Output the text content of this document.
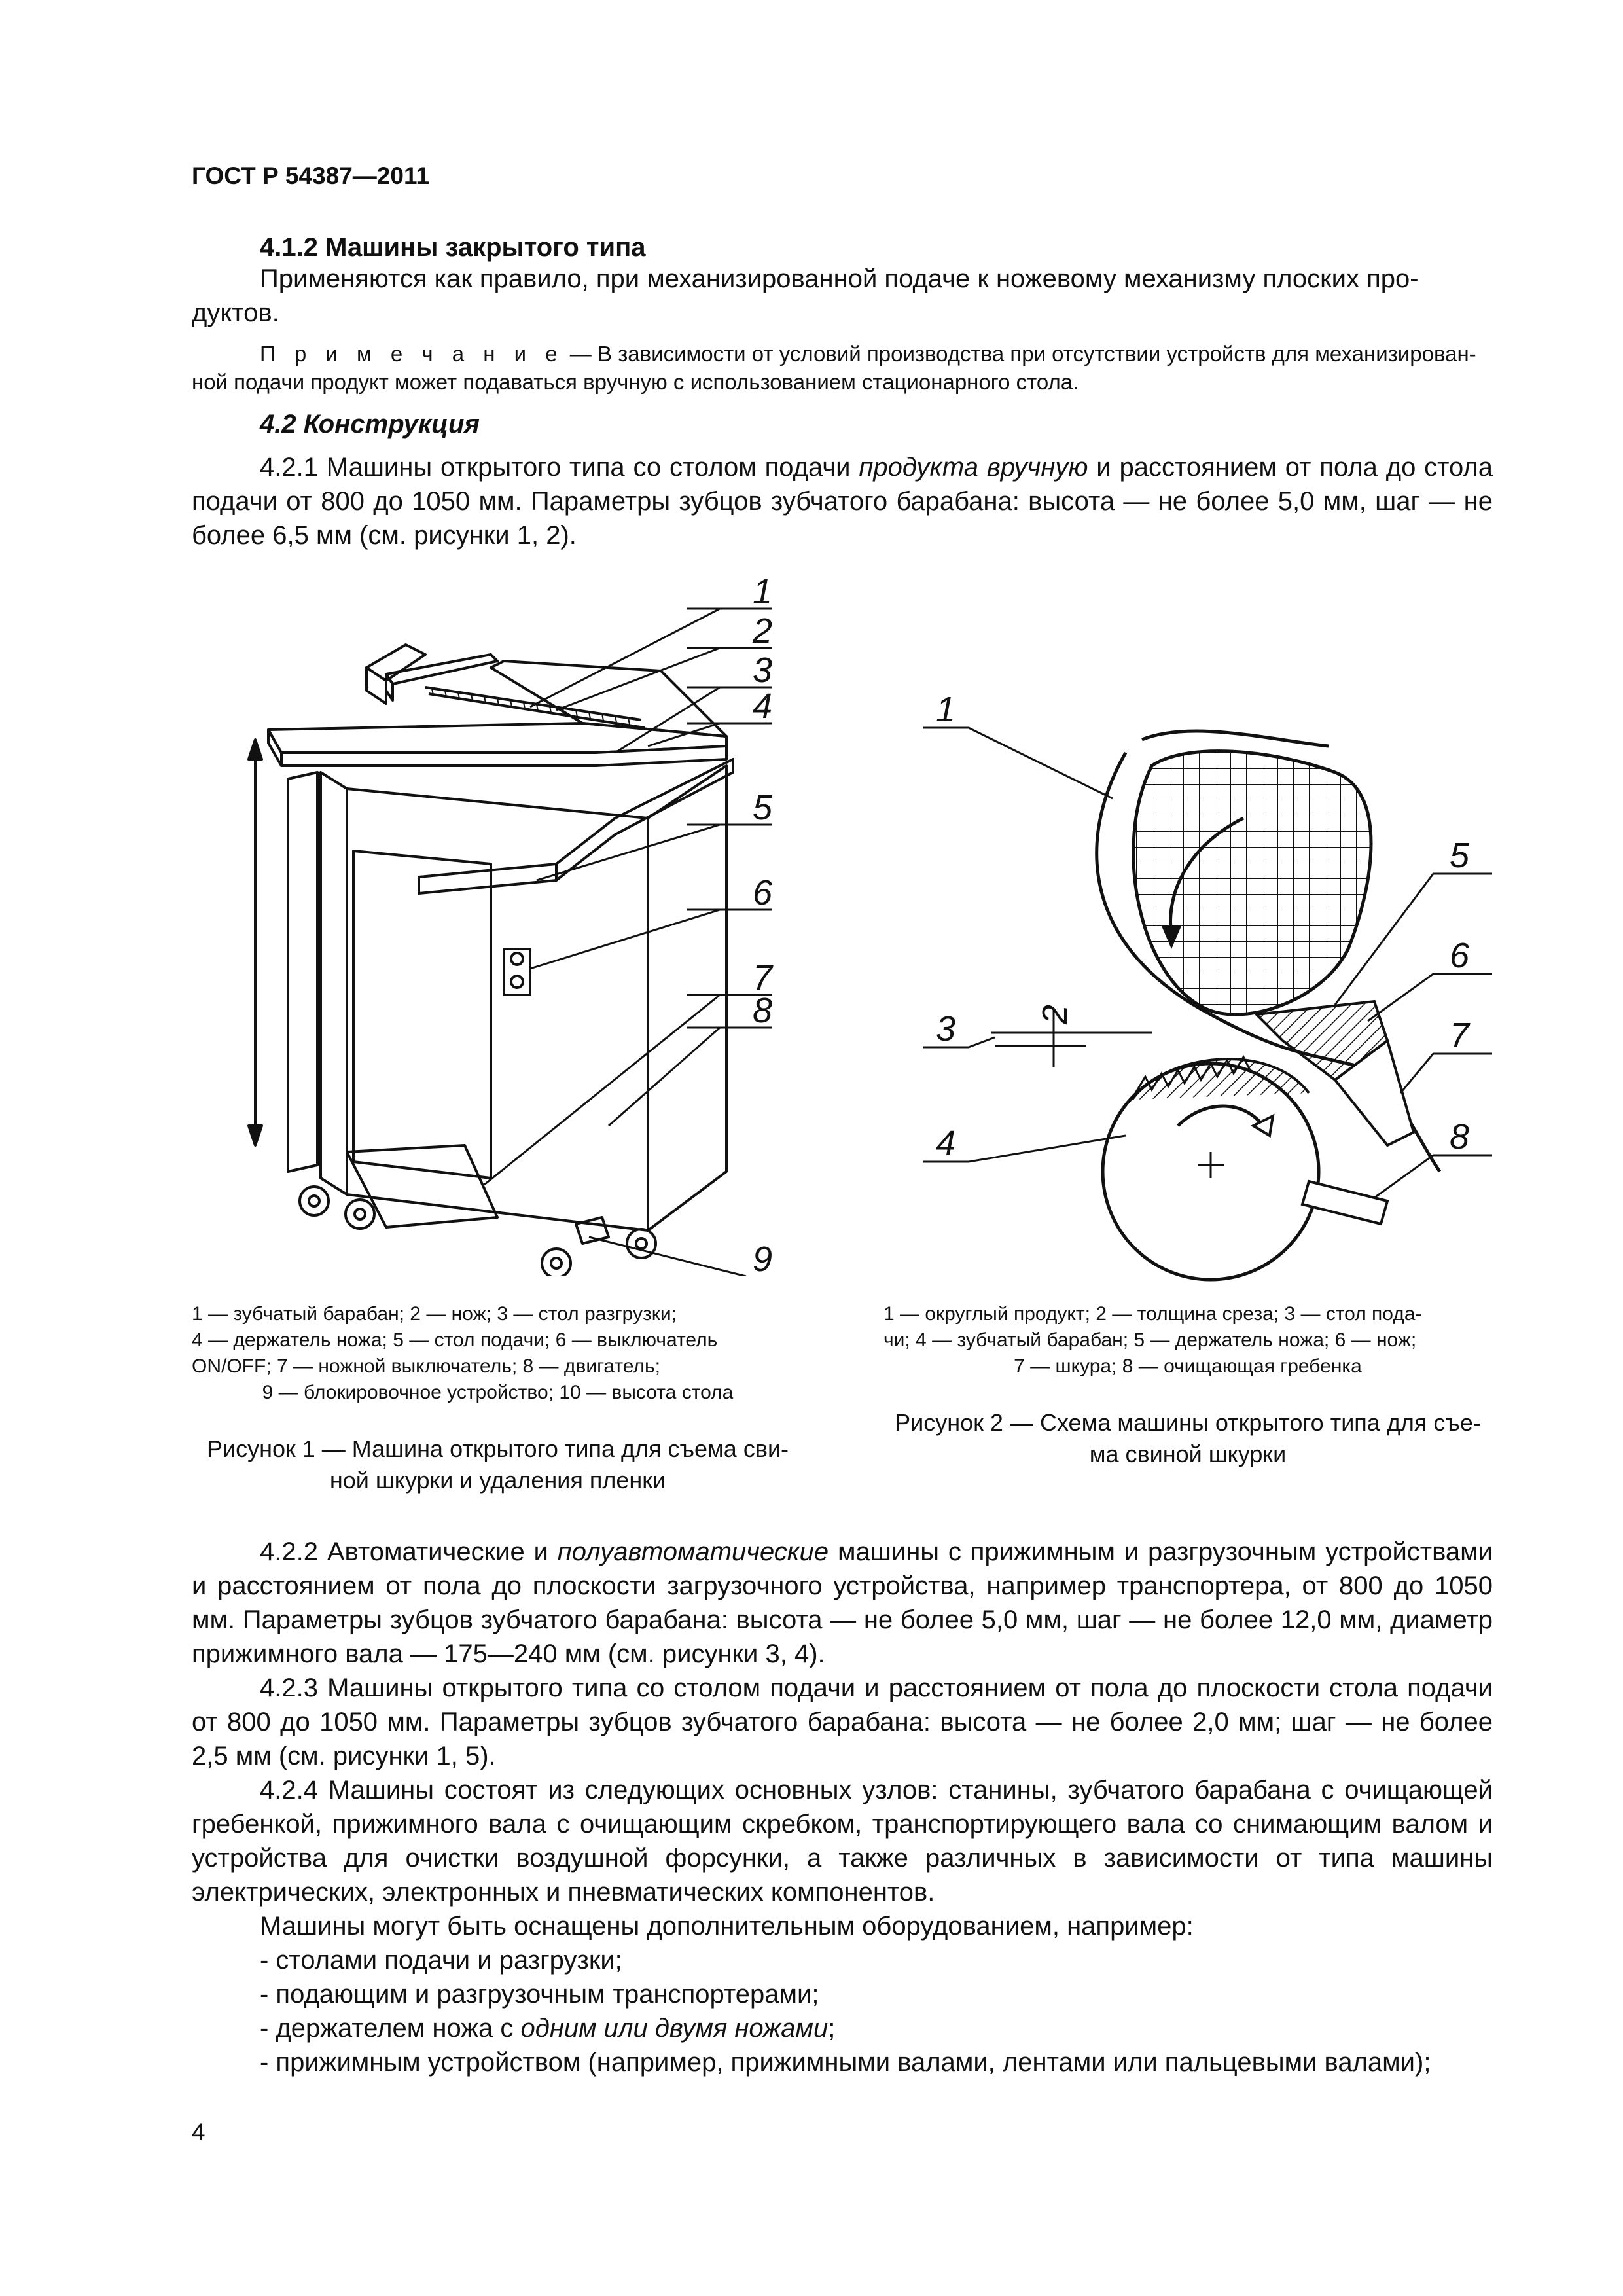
ГОСТ Р 54387—2011
4.1.2 Машины закрытого типа
Применяются как правило, при механизированной подаче к ножевому механизму плоских про-
дуктов.
П р и м е ч а н и е — В зависимости от условий производства при отсутствии устройств для механизирован-
ной подачи продукт может подаваться вручную с использованием стационарного стола.
4.2 Конструкция
4.2.1 Машины открытого типа со столом подачи продукта вручную и расстоянием от пола до стола подачи от 800 до 1050 мм. Параметры зубцов зубчатого барабана: высота — не более 5,0 мм, шаг — не более 6,5 мм (см. рисунки 1, 2).
1
2
3
4
5
6
7
8
9
1 — зубчатый барабан; 2 — нож; 3 — стол разгрузки;
4 — держатель ножа; 5 — стол подачи; 6 — выключатель
ON/OFF; 7 — ножной выключатель; 8 — двигатель;
9 — блокировочное устройство; 10 — высота стола
Рисунок 1 — Машина открытого типа для съема сви-
ной шкурки и удаления пленки
1
2
3
4
5
6
7
8
1 — округлый продукт; 2 — толщина среза; 3 — стол пода-
чи; 4 — зубчатый барабан; 5 — держатель ножа; 6 — нож;
7 — шкура; 8 — очищающая гребенка
Рисунок 2 — Схема машины открытого типа для съе-
ма свиной шкурки
4.2.2 Автоматические и полуавтоматические машины с прижимным и разгрузочным устройствами и расстоянием от пола до плоскости загрузочного устройства, например транспортера, от 800 до 1050 мм. Параметры зубцов зубчатого барабана: высота — не более 5,0 мм, шаг — не более 12,0 мм, диаметр прижимного вала — 175—240 мм (см. рисунки 3, 4).
4.2.3 Машины открытого типа со столом подачи и расстоянием от пола до плоскости стола подачи от 800 до 1050 мм. Параметры зубцов зубчатого барабана: высота — не более 2,0 мм; шаг — не более 2,5 мм (см. рисунки 1, 5).
4.2.4 Машины состоят из следующих основных узлов: станины, зубчатого барабана с очищающей гребенкой, прижимного вала с очищающим скребком, транспортирующего вала со снимающим валом и устройства для очистки воздушной форсунки, а также различных в зависимости от типа машины электрических, электронных и пневматических компонентов.
Машины могут быть оснащены дополнительным оборудованием, например:
- столами подачи и разгрузки;
- подающим и разгрузочным транспортерами;
- держателем ножа с одним или двумя ножами;
- прижимным устройством (например, прижимными валами, лентами или пальцевыми валами);
4
